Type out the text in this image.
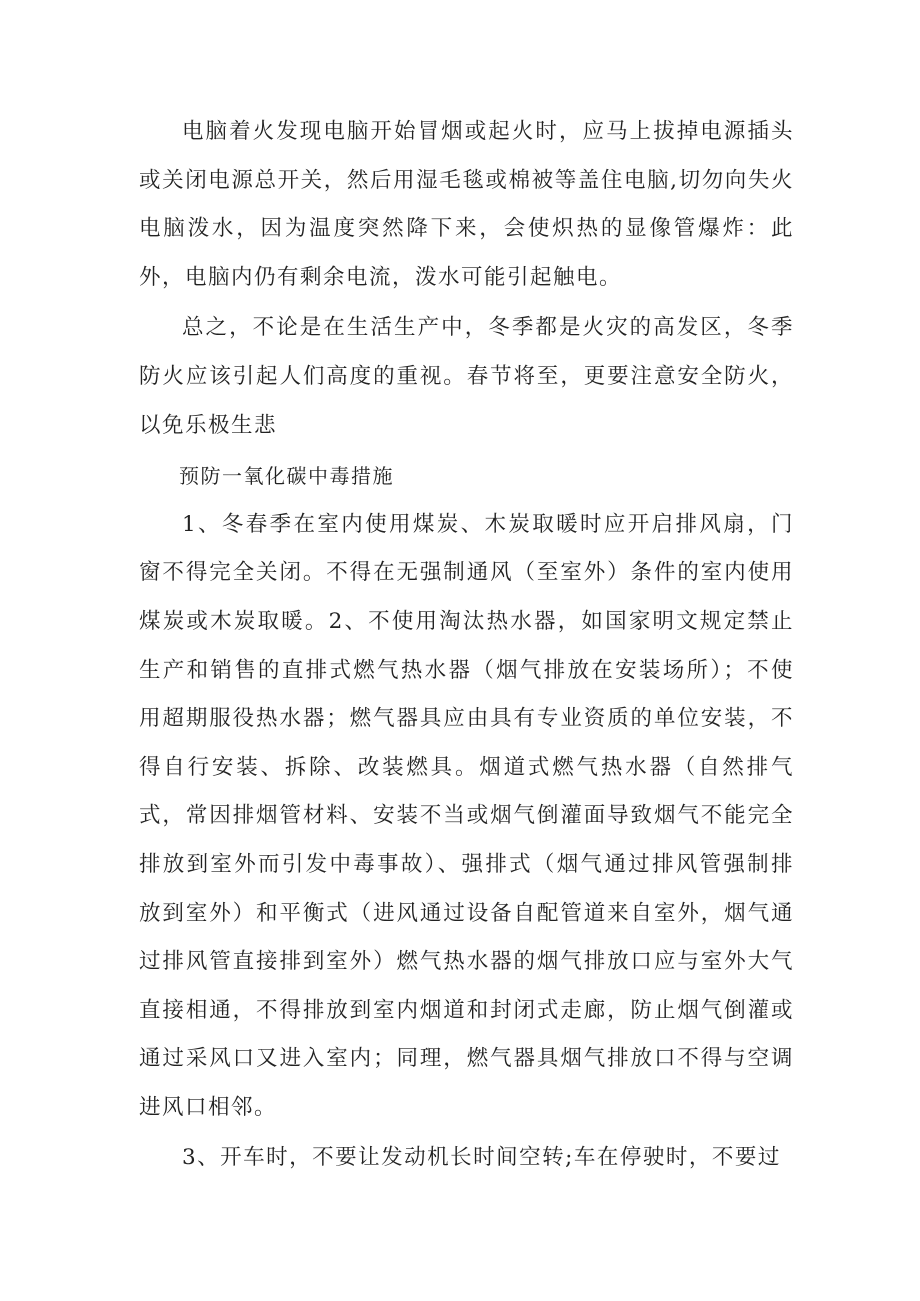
电脑着火发现电脑开始冒烟或起火时，应马上拔掉电源插头或关闭电源总开关，然后用湿毛毯或棉被等盖住电脑,切勿向失火电脑泼水，因为温度突然降下来，会使炽热的显像管爆炸：此外，电脑内仍有剩余电流，泼水可能引起触电。

总之，不论是在生活生产中，冬季都是火灾的高发区，冬季防火应该引起人们高度的重视。春节将至，更要注意安全防火，以免乐极生悲

预防一氧化碳中毒措施

1、冬春季在室内使用煤炭、木炭取暖时应开启排风扇，门窗不得完全关闭。不得在无强制通风（至室外）条件的室内使用煤炭或木炭取暖。2、不使用淘汰热水器，如国家明文规定禁止生产和销售的直排式燃气热水器（烟气排放在安装场所）；不使用超期服役热水器；燃气器具应由具有专业资质的单位安装，不得自行安装、拆除、改装燃具。烟道式燃气热水器（自然排气式，常因排烟管材料、安装不当或烟气倒灌面导致烟气不能完全排放到室外而引发中毒事故）、强排式（烟气通过排风管强制排放到室外）和平衡式（进风通过设备自配管道来自室外，烟气通过排风管直接排到室外）燃气热水器的烟气排放口应与室外大气直接相通，不得排放到室内烟道和封闭式走廊，防止烟气倒灌或通过采风口又进入室内；同理，燃气器具烟气排放口不得与空调进风口相邻。

3、开车时，不要让发动机长时间空转;车在停驶时，不要过
